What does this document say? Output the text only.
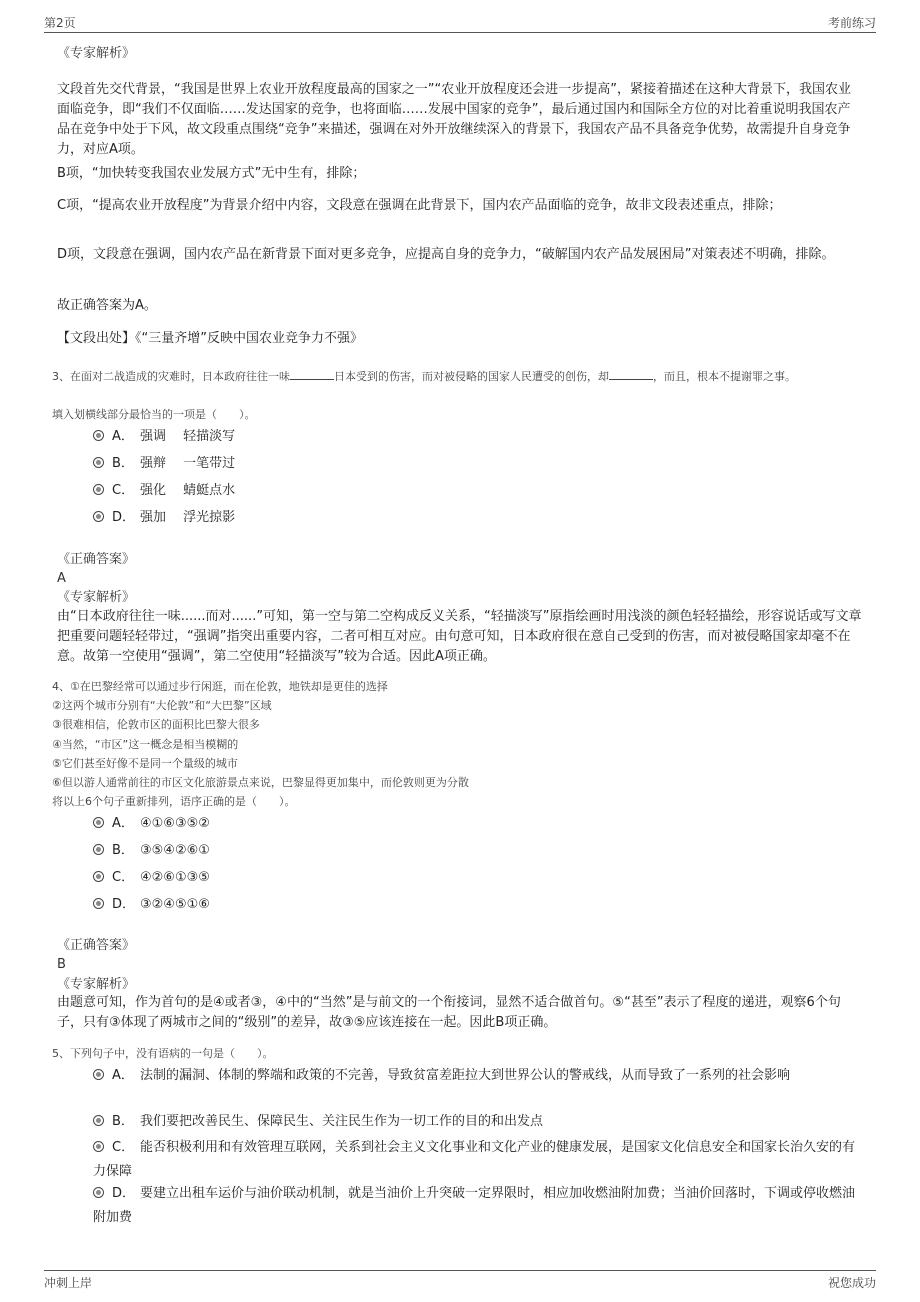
第2页	考前练习
《专家解析》
文段首先交代背景，“我国是世界上农业开放程度最高的国家之一”“农业开放程度还会进一步提高”，紧接着描述在这种大背景下，我国农业面临竞争，即“我们不仅面临……发达国家的竞争，也将面临……发展中国家的竞争”，最后通过国内和国际全方位的对比着重说明我国农产品在竞争中处于下风，故文段重点围绕“竞争”来描述，强调在对外开放继续深入的背景下，我国农产品不具备竞争优势，故需提升自身竞争力，对应A项。
B项，“加快转变我国农业发展方式”无中生有，排除；
C项，“提高农业开放程度”为背景介绍中内容，文段意在强调在此背景下，国内农产品面临的竞争，故非文段表述重点，排除；
D项，文段意在强调，国内农产品在新背景下面对更多竞争，应提高自身的竞争力，“破解国内农产品发展困局”对策表述不明确，排除。
故正确答案为A。
【文段出处】《“三量齐增”反映中国农业竞争力不强》
3、在面对二战造成的灾难时，日本政府往往一味	日本受到的伤害，而对被侵略的国家人民遭受的创伤，却	，而且，根本不提谢罪之事。
填入划横线部分最恰当的一项是（　　）。
A． 强调　 轻描淡写
B． 强辩　 一笔带过
C． 强化　 蜻蜓点水
D． 强加　 浮光掠影
《正确答案》
A
《专家解析》
由“日本政府往往一味......而对......”可知，第一空与第二空构成反义关系，“轻描淡写”原指绘画时用浅淡的颜色轻轻描绘，形容说话或写文章把重要问题轻轻带过，“强调”指突出重要内容，二者可相互对应。由句意可知，日本政府很在意自己受到的伤害，而对被侵略国家却毫不在意。故第一空使用“强调”，第二空使用“轻描淡写”较为合适。因此A项正确。
4、①在巴黎经常可以通过步行闲逛，而在伦敦，地铁却是更佳的选择
②这两个城市分别有“大伦敦”和“大巴黎”区域
③很难相信，伦敦市区的面积比巴黎大很多
④当然，“市区”这一概念是相当模糊的
⑤它们甚至好像不是同一个量级的城市
⑥但以游人通常前往的市区文化旅游景点来说，巴黎显得更加集中，而伦敦则更为分散
将以上6个句子重新排列，语序正确的是（　　）。
A． ④①⑥③⑤②
B． ③⑤④②⑥①
C． ④②⑥①③⑤
D． ③②④⑤①⑥
《正确答案》
B
《专家解析》
由题意可知，作为首句的是④或者③，④中的“当然”是与前文的一个衔接词，显然不适合做首句。⑤“甚至”表示了程度的递进，观察6个句子，只有③体现了两城市之间的“级别”的差异，故③⑤应该连接在一起。因此B项正确。
5、下列句子中，没有语病的一句是（　　）。
A． 法制的漏洞、体制的弊端和政策的不完善，导致贫富差距拉大到世界公认的警戒线，从而导致了一系列的社会影响
B． 我们要把改善民生、保障民生、关注民生作为一切工作的目的和出发点
C． 能否积极利用和有效管理互联网，关系到社会主义文化事业和文化产业的健康发展，是国家文化信息安全和国家长治久安的有力保障
D． 要建立出租车运价与油价联动机制，就是当油价上升突破一定界限时，相应加收燃油附加费；当油价回落时，下调或停收燃油附加费
冲刺上岸	祝您成功
